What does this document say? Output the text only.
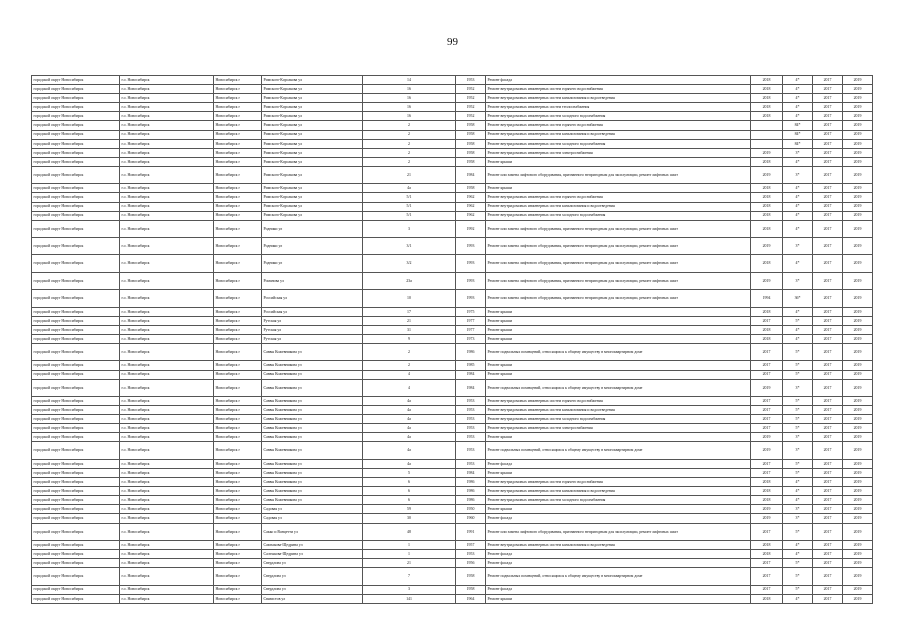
99
городской округ Новосибирск	г.о. Новосибирск	Новосибирск г	Римского-Корсакова ул	14	1953	Ремонт фасада	2018	4*	2017	2019
городской округ Новосибирск	г.о. Новосибирск	Новосибирск г	Римского-Корсакова ул	16	1952	Ремонт внутридомовых инженерных систем горячего водоснабжения	2018	4*	2017	2019
городской округ Новосибирск	г.о. Новосибирск	Новосибирск г	Римского-Корсакова ул	16	1952	Ремонт внутридомовых инженерных систем канализования и водоотведения	2018	4*	2017	2019
городской округ Новосибирск	г.о. Новосибирск	Новосибирск г	Римского-Корсакова ул	16	1952	Ремонт внутридомовых инженерных систем теплоснабжения	2018	4*	2017	2019
городской округ Новосибирск	г.о. Новосибирск	Новосибирск г	Римского-Корсакова ул	16	1952	Ремонт внутридомовых инженерных систем холодного водоснабжения	2018	4*	2017	2019
городской округ Новосибирск	г.о. Новосибирск	Новосибирск г	Римского-Корсакова ул	2	1958	Ремонт внутридомовых инженерных систем горячего водоснабжения		84*	2017	2019
городской округ Новосибирск	г.о. Новосибирск	Новосибирск г	Римского-Корсакова ул	2	1958	Ремонт внутридомовых инженерных систем канализования и водоотведения		84*	2017	2019
городской округ Новосибирск	г.о. Новосибирск	Новосибирск г	Римского-Корсакова ул	2	1958	Ремонт внутридомовых инженерных систем холодного водоснабжения		84*	2017	2019
городской округ Новосибирск	г.о. Новосибирск	Новосибирск г	Римского-Корсакова ул	2	1958	Ремонт внутридомовых инженерных систем электроснабжения	2019	3*	2017	2019
городской округ Новосибирск	г.о. Новосибирск	Новосибирск г	Римского-Корсакова ул	2	1958	Ремонт крыши	2018	4*	2017	2019
городской округ Новосибирск	г.о. Новосибирск	Новосибирск г	Римского-Корсакова ул	21	1984	Ремонт или замена лифтового оборудования, признанного непригодным для эксплуатации, ремонт лифтовых шахт	2019	3*	2017	2019
городской округ Новосибирск	г.о. Новосибирск	Новосибирск г	Римского-Корсакова ул	4а	1958	Ремонт крыши	2018	4*	2017	2019
городской округ Новосибирск	г.о. Новосибирск	Новосибирск г	Римского-Корсакова ул	5/1	1962	Ремонт внутридомовых инженерных систем горячего водоснабжения	2018	4*	2017	2019
городской округ Новосибирск	г.о. Новосибирск	Новосибирск г	Римского-Корсакова ул	5/1	1962	Ремонт внутридомовых инженерных систем канализования и водоотведения	2018	4*	2017	2019
городской округ Новосибирск	г.о. Новосибирск	Новосибирск г	Римского-Корсакова ул	5/1	1962	Ремонт внутридомовых инженерных систем холодного водоснабжения	2018	4*	2017	2019
городской округ Новосибирск	г.о. Новосибирск	Новосибирск г	Родники ул	3	1992	Ремонт или замена лифтового оборудования, признанного непригодным для эксплуатации, ремонт лифтовых шахт	2018	4*	2017	2019
городской округ Новосибирск	г.о. Новосибирск	Новосибирск г	Родники ул	3/1	1993	Ремонт или замена лифтового оборудования, признанного непригодным для эксплуатации, ремонт лифтовых шахт	2019	3*	2017	2019
городской округ Новосибирск	г.о. Новосибирск	Новосибирск г	Родники ул	3/2	1993	Ремонт или замена лифтового оборудования, признанного непригодным для эксплуатации, ремонт лифтовых шахт	2018	4*	2017	2019
городской округ Новосибирск	г.о. Новосибирск	Новосибирск г	Романова ул	23а	1993	Ремонт или замена лифтового оборудования, признанного непригодным для эксплуатации, ремонт лифтовых шахт	2019	3*	2017	2019
городской округ Новосибирск	г.о. Новосибирск	Новосибирск г	Российская ул	10	1993	Ремонт или замена лифтового оборудования, признанного непригодным для эксплуатации, ремонт лифтовых шахт	1994	36*	2017	2019
городской округ Новосибирск	г.о. Новосибирск	Новосибирск г	Российская ул	17	1975	Ремонт крыши	2018	4*	2017	2019
городской округ Новосибирск	г.о. Новосибирск	Новосибирск г	Рутская ул	21	1977	Ремонт крыши	2017	5*	2017	2019
городской округ Новосибирск	г.о. Новосибирск	Новосибирск г	Рутская ул	31	1977	Ремонт крыши	2018	4*	2017	2019
городской округ Новосибирск	г.о. Новосибирск	Новосибирск г	Рутская ул	9	1973	Ремонт крыши	2018	4*	2017	2019
городской округ Новосибирск	г.о. Новосибирск	Новосибирск г	Саввы Кожевникова ул	2	1986	Ремонт подвальных помещений, относящихся к общему имуществу в многоквартирном доме	2017	5*	2017	2019
городской округ Новосибирск	г.о. Новосибирск	Новосибирск г	Саввы Кожевникова ул	2	1985	Ремонт крыши	2017	5*	2017	2019
городской округ Новосибирск	г.о. Новосибирск	Новосибирск г	Саввы Кожевникова ул	4	1984	Ремонт крыши	2017	5*	2017	2019
городской округ Новосибирск	г.о. Новосибирск	Новосибирск г	Саввы Кожевникова ул	4	1984	Ремонт подвальных помещений, относящихся к общему имуществу в многоквартирном доме	2019	3*	2017	2019
городской округ Новосибирск	г.о. Новосибирск	Новосибирск г	Саввы Кожевникова ул	4а	1953	Ремонт внутридомовых инженерных систем горячего водоснабжения	2017	5*	2017	2019
городской округ Новосибирск	г.о. Новосибирск	Новосибирск г	Саввы Кожевникова ул	4а	1953	Ремонт внутридомовых инженерных систем канализования и водоотведения	2017	5*	2017	2019
городской округ Новосибирск	г.о. Новосибирск	Новосибирск г	Саввы Кожевникова ул	4а	1953	Ремонт внутридомовых инженерных систем холодного водоснабжения	2017	5*	2017	2019
городской округ Новосибирск	г.о. Новосибирск	Новосибирск г	Саввы Кожевникова ул	4а	1953	Ремонт внутридомовых инженерных систем электроснабжения	2017	5*	2017	2019
городской округ Новосибирск	г.о. Новосибирск	Новосибирск г	Саввы Кожевникова ул	4а	1953	Ремонт крыши	2019	3*	2017	2019
городской округ Новосибирск	г.о. Новосибирск	Новосибирск г	Саввы Кожевникова ул	4а	1953	Ремонт подвальных помещений, относящихся к общему имуществу в многоквартирном доме	2019	3*	2017	2019
городской округ Новосибирск	г.о. Новосибирск	Новосибирск г	Саввы Кожевникова ул	4а	1953	Ремонт фасада	2017	5*	2017	2019
городской округ Новосибирск	г.о. Новосибирск	Новосибирск г	Саввы Кожевникова ул	5	1984	Ремонт крыши	2017	5*	2017	2019
городской округ Новосибирск	г.о. Новосибирск	Новосибирск г	Саввы Кожевникова ул	6	1986	Ремонт внутридомовых инженерных систем горячего водоснабжения	2018	4*	2017	2019
городской округ Новосибирск	г.о. Новосибирск	Новосибирск г	Саввы Кожевникова ул	6	1986	Ремонт внутридомовых инженерных систем канализования и водоотведения	2018	4*	2017	2019
городской округ Новосибирск	г.о. Новосибирск	Новосибирск г	Саввы Кожевникова ул	6	1986	Ремонт внутридомовых инженерных систем холодного водоснабжения	2018	4*	2017	2019
городской округ Новосибирск	г.о. Новосибирск	Новосибирск г	Садовая ул	59	1950	Ремонт крыши	2019	3*	2017	2019
городской округ Новосибирск	г.о. Новосибирск	Новосибирск г	Садовая ул	30	1960	Ремонт фасада	2019	3*	2017	2019
городской округ Новосибирск	г.о. Новосибирск	Новосибирск г	Сакко и Ванцетти ул	48	1991	Ремонт или замена лифтового оборудования, признанного непригодным для эксплуатации, ремонт лифтовых шахт	2017	5*	2017	2019
городской округ Новосибирск	г.о. Новосибирск	Новосибирск г	Сактыкова-Щедрина ул	1	1957	Ремонт внутридомовых инженерных систем канализования и водоотведения	2018	4*	2017	2019
городской округ Новосибирск	г.о. Новосибирск	Новосибирск г	Салтыкова-Щедрина ул	1	1953	Ремонт фасада	2018	4*	2017	2019
городской округ Новосибирск	г.о. Новосибирск	Новосибирск г	Свердлова ул	21	1956	Ремонт фасада	2017	5*	2017	2019
городской округ Новосибирск	г.о. Новосибирск	Новосибирск г	Свердлова ул	7	1958	Ремонт подвальных помещений, относящихся к общему имуществу в многоквартирном доме	2017	5*	2017	2019
городской округ Новосибирск	г.о. Новосибирск	Новосибирск г	Свердлова ул	3	1958	Ремонт фасада	2017	5*	2017	2019
городской округ Новосибирск	г.о. Новосибирск	Новосибирск г	Связистов ул	141	1964	Ремонт крыши	2018	4*	2017	2019
